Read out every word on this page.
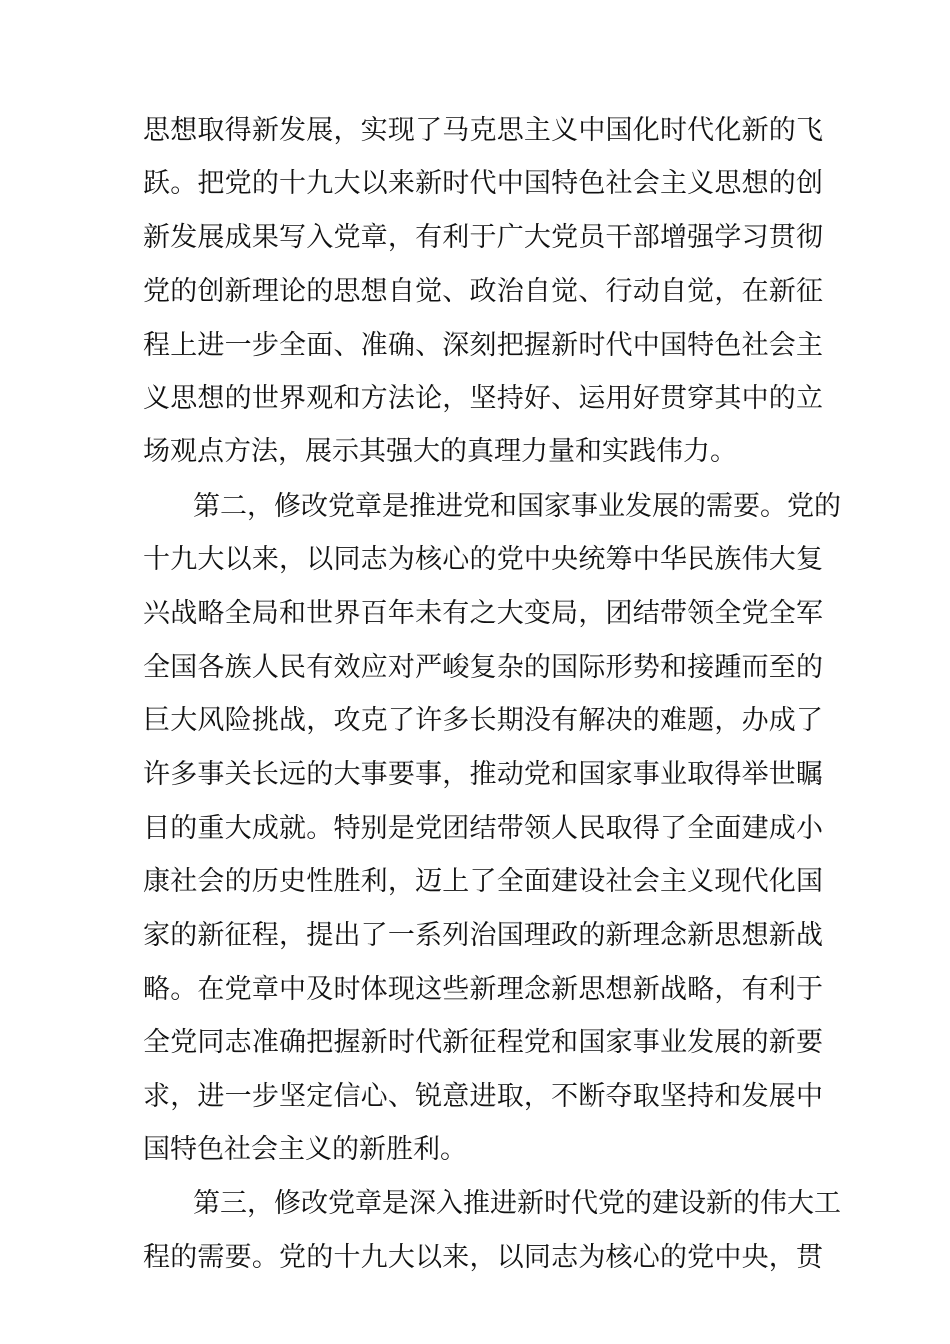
思想取得新发展，实现了马克思主义中国化时代化新的飞
跃。把党的十九大以来新时代中国特色社会主义思想的创
新发展成果写入党章，有利于广大党员干部增强学习贯彻
党的创新理论的思想自觉、政治自觉、行动自觉，在新征
程上进一步全面、准确、深刻把握新时代中国特色社会主
义思想的世界观和方法论，坚持好、运用好贯穿其中的立
场观点方法，展示其强大的真理力量和实践伟力。
第二，修改党章是推进党和国家事业发展的需要。党的
十九大以来，以同志为核心的党中央统筹中华民族伟大复
兴战略全局和世界百年未有之大变局，团结带领全党全军
全国各族人民有效应对严峻复杂的国际形势和接踵而至的
巨大风险挑战，攻克了许多长期没有解决的难题，办成了
许多事关长远的大事要事，推动党和国家事业取得举世瞩
目的重大成就。特别是党团结带领人民取得了全面建成小
康社会的历史性胜利，迈上了全面建设社会主义现代化国
家的新征程，提出了一系列治国理政的新理念新思想新战
略。在党章中及时体现这些新理念新思想新战略，有利于
全党同志准确把握新时代新征程党和国家事业发展的新要
求，进一步坚定信心、锐意进取，不断夺取坚持和发展中
国特色社会主义的新胜利。
第三，修改党章是深入推进新时代党的建设新的伟大工
程的需要。党的十九大以来，以同志为核心的党中央，贯
